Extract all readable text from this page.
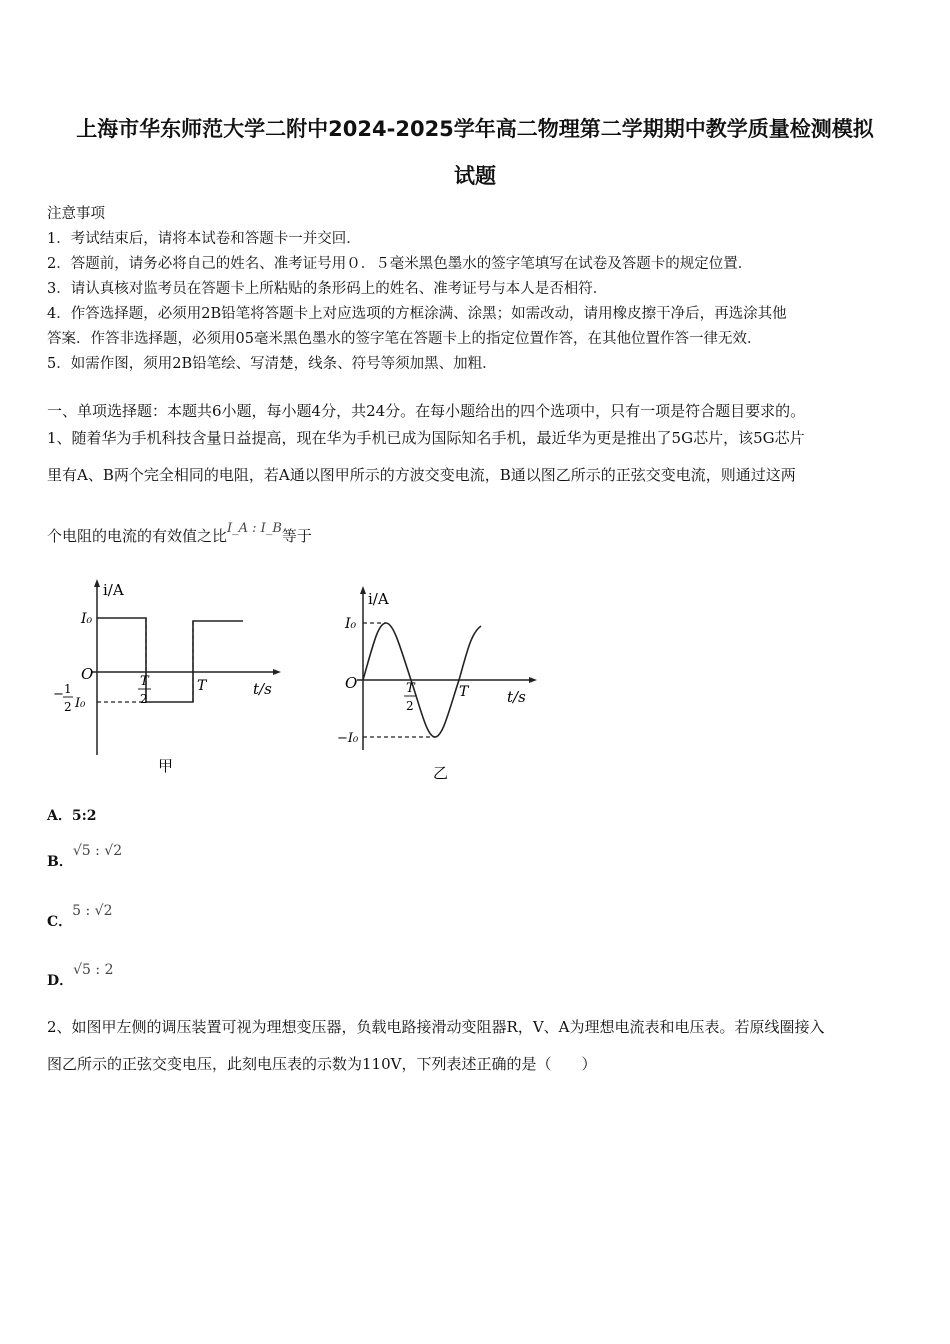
上海市华东师范大学二附中2024-2025学年高二物理第二学期期中教学质量检测模拟
试题
注意事项
1．考试结束后，请将本试卷和答题卡一并交回．
2．答题前，请务必将自己的姓名、准考证号用０．５毫米黑色墨水的签字笔填写在试卷及答题卡的规定位置．
3．请认真核对监考员在答题卡上所粘贴的条形码上的姓名、准考证号与本人是否相符．
4．作答选择题，必须用2B铅笔将答题卡上对应选项的方框涂满、涂黑；如需改动，请用橡皮擦干净后，再选涂其他
答案．作答非选择题，必须用05毫米黑色墨水的签字笔在答题卡上的指定位置作答，在其他位置作答一律无效．
5．如需作图，须用2B铅笔绘、写清楚，线条、符号等须加黑、加粗．
一、单项选择题：本题共6小题，每小题4分，共24分。在每小题给出的四个选项中，只有一项是符合题目要求的。
1、随着华为手机科技含量日益提高，现在华为手机已成为国际知名手机，最近华为更是推出了5G芯片，该5G芯片
里有A、B两个完全相同的电阻，若A通以图甲所示的方波交变电流，B通以图乙所示的正弦交变电流，则通过这两
个电阻的电流的有效值之比I_A : I_B等于
i/A
I₀
O
− 1
2 I₀
T
2
T	t/s
甲
i/A
I₀
O
−I₀
T
2
T	t/s
乙
A．5:2
B．√5 : √2
C．5 : √2
D．√5 : 2
2、如图甲左侧的调压装置可视为理想变压器，负载电路接滑动变阻器R，V、A为理想电流表和电压表。若原线圈接入
图乙所示的正弦交变电压，此刻电压表的示数为110V，下列表述正确的是（　　）
